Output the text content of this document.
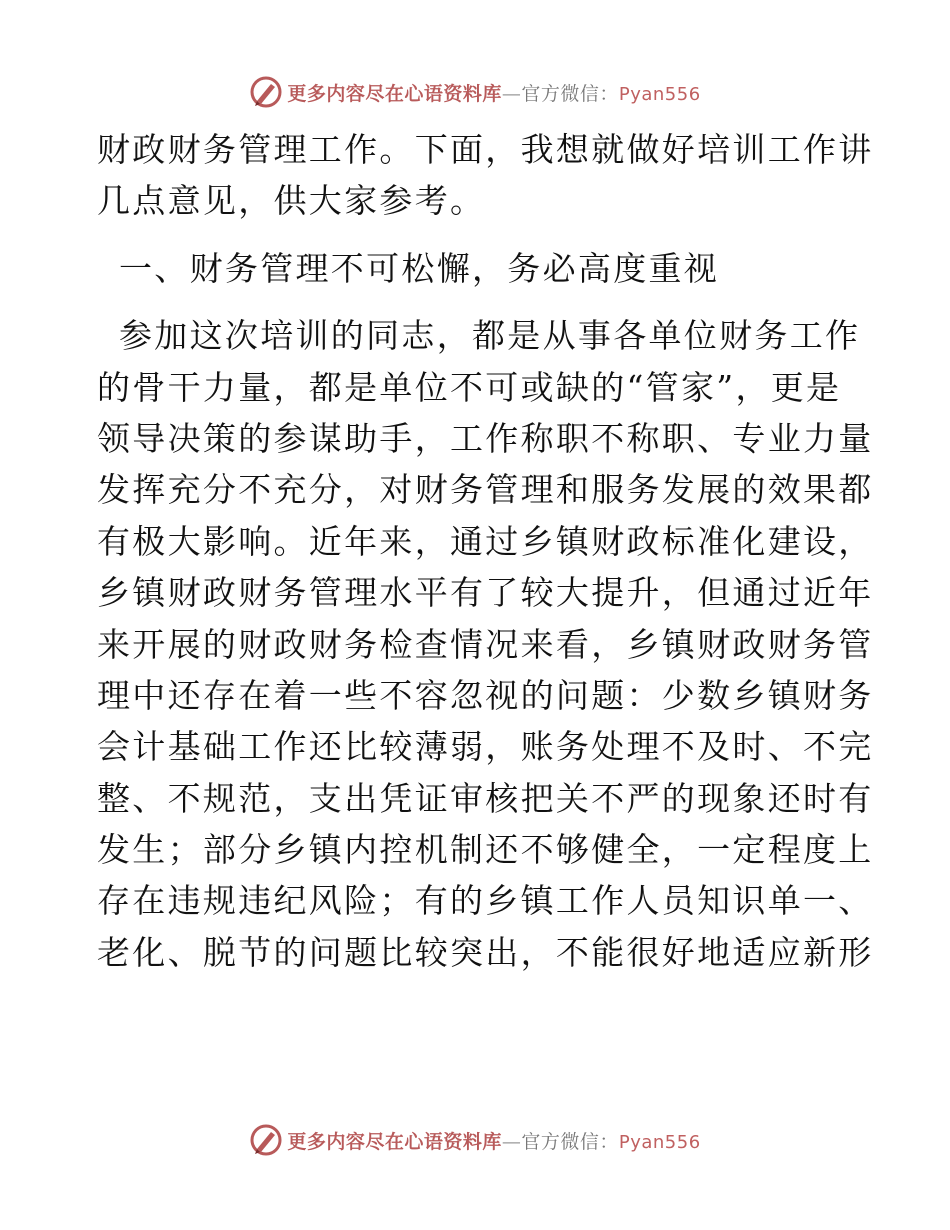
更多内容尽在心语资料库—官方微信：Pyan556
财政财务管理工作。下面，我想就做好培训工作讲
几点意见，供大家参考。
一、财务管理不可松懈，务必高度重视
参加这次培训的同志，都是从事各单位财务工作
的骨干力量，都是单位不可或缺的“管家”，更是
领导决策的参谋助手，工作称职不称职、专业力量
发挥充分不充分，对财务管理和服务发展的效果都
有极大影响。近年来，通过乡镇财政标准化建设，
乡镇财政财务管理水平有了较大提升，但通过近年
来开展的财政财务检查情况来看，乡镇财政财务管
理中还存在着一些不容忽视的问题：少数乡镇财务
会计基础工作还比较薄弱，账务处理不及时、不完
整、不规范，支出凭证审核把关不严的现象还时有
发生；部分乡镇内控机制还不够健全，一定程度上
存在违规违纪风险；有的乡镇工作人员知识单一、
老化、脱节的问题比较突出，不能很好地适应新形
更多内容尽在心语资料库—官方微信：Pyan556
